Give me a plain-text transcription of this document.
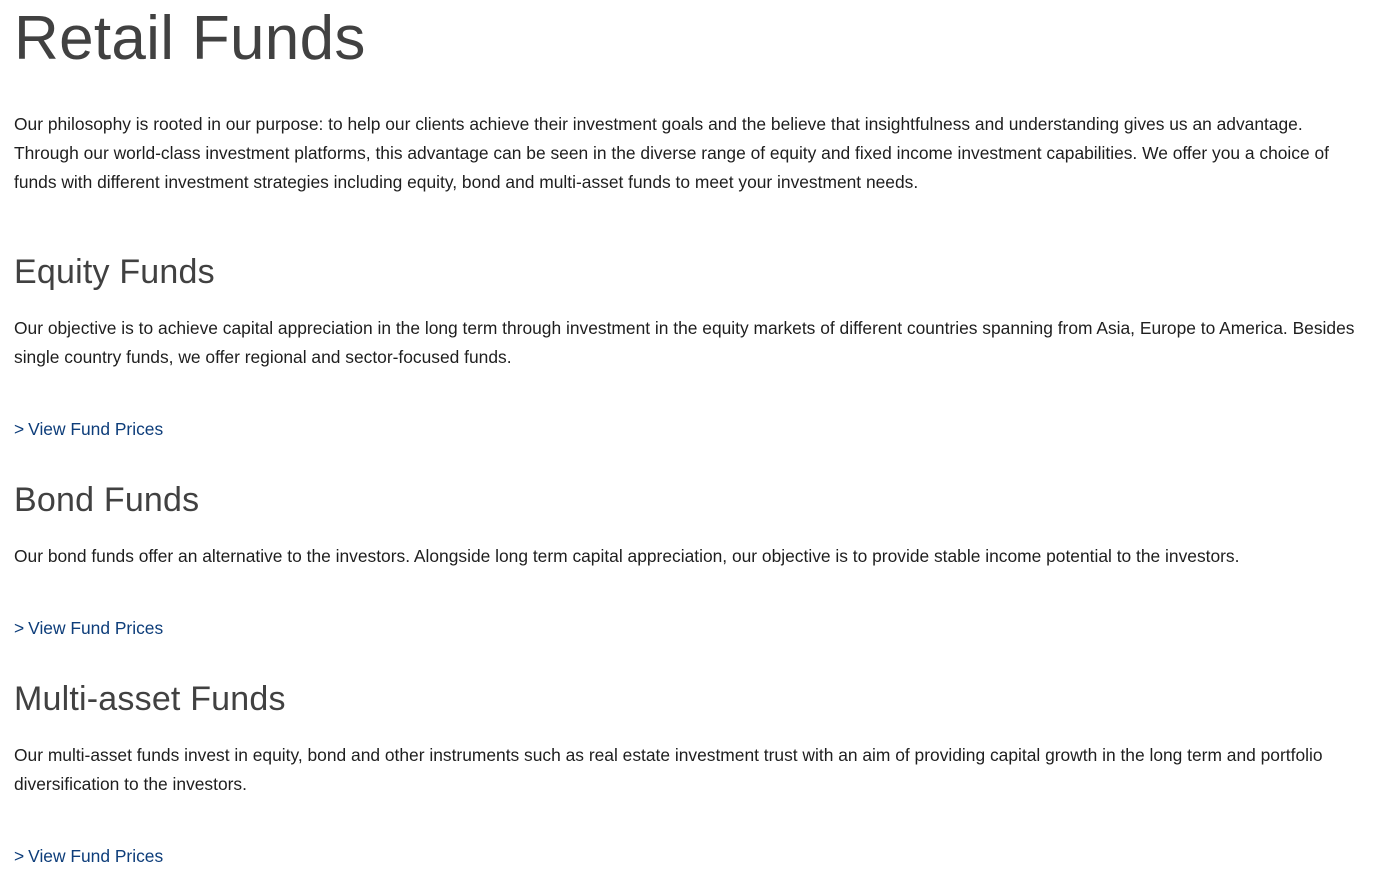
Retail Funds

Our philosophy is rooted in our purpose: to help our clients achieve their investment goals and the believe that insightfulness and understanding gives us an advantage. Through our world-class investment platforms, this advantage can be seen in the diverse range of equity and fixed income investment capabilities. We offer you a choice of funds with different investment strategies including equity, bond and multi-asset funds to meet your investment needs.

Equity Funds

Our objective is to achieve capital appreciation in the long term through investment in the equity markets of different countries spanning from Asia, Europe to America. Besides single country funds, we offer regional and sector-focused funds.

> View Fund Prices
Bond Funds

Our bond funds offer an alternative to the investors. Alongside long term capital appreciation, our objective is to provide stable income potential to the investors.

> View Fund Prices
Multi-asset Funds

Our multi-asset funds invest in equity, bond and other instruments such as real estate investment trust with an aim of providing capital growth in the long term and portfolio diversification to the investors.

> View Fund Prices
